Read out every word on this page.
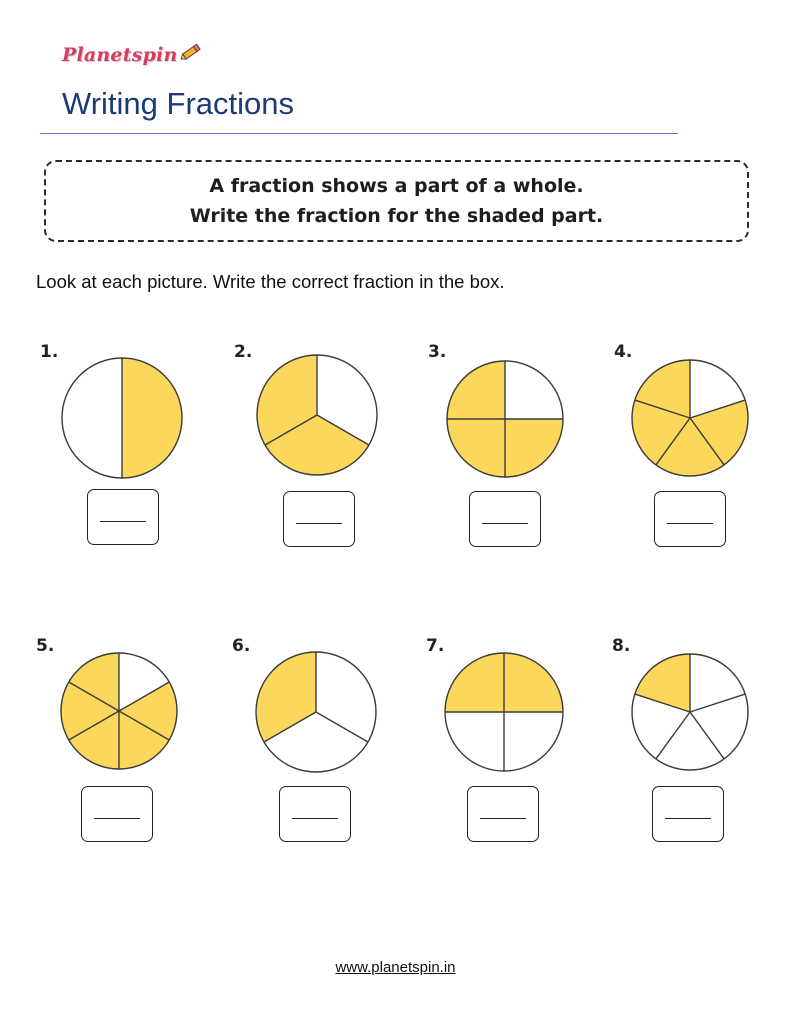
Planetspin
Writing Fractions
A fraction shows a part of a whole.
Write the fraction for the shaded part.
Look at each picture. Write the correct fraction in the box.
1.	2.	3.	4.
5.	6.	7.	8.
www.planetspin.in
